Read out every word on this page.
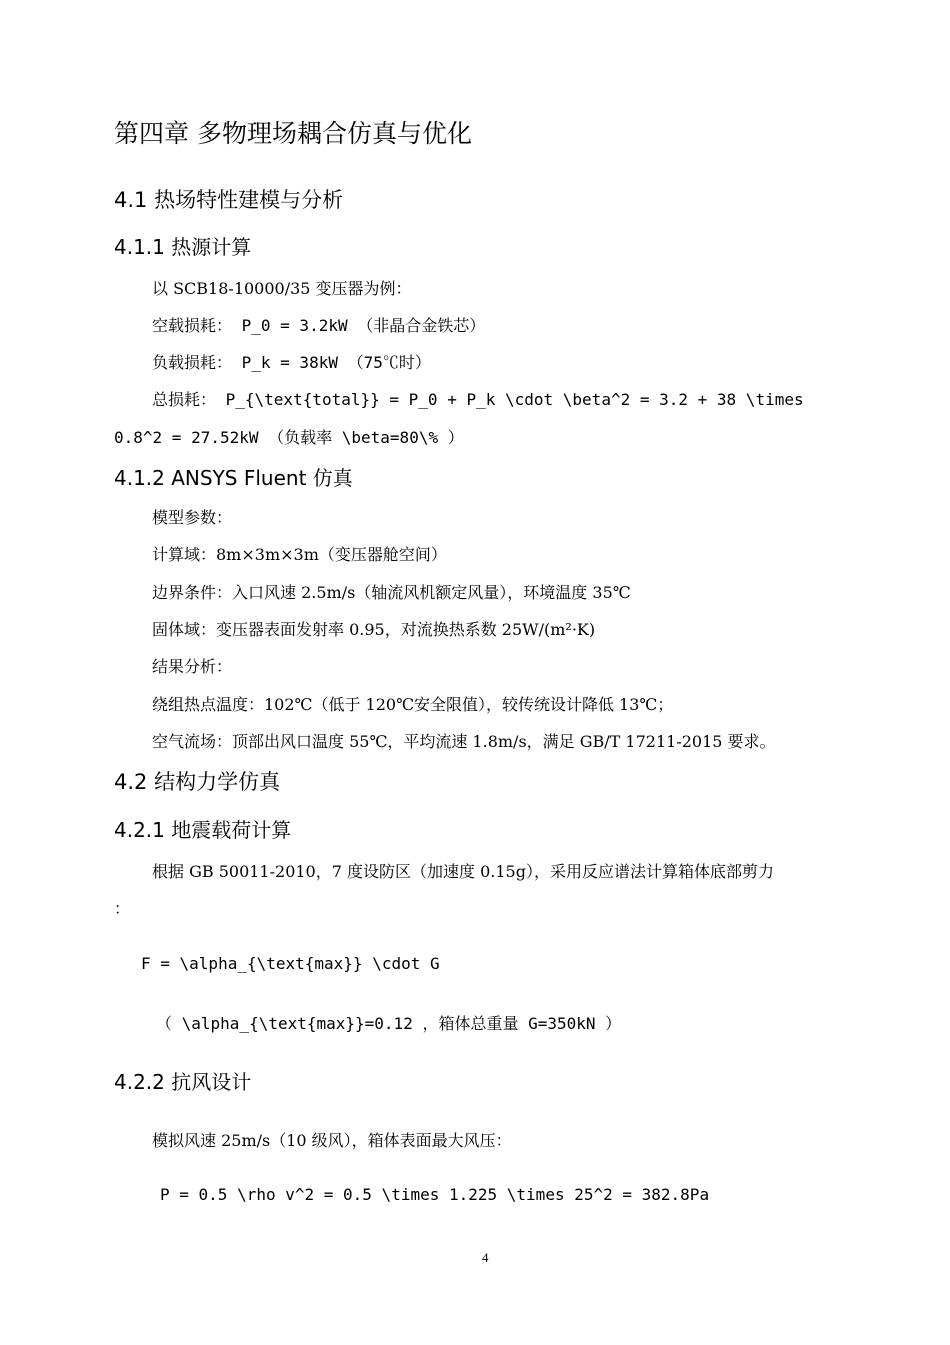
第四章 多物理场耦合仿真与优化
4.1 热场特性建模与分析
4.1.1 热源计算
以 SCB18-10000/35 变压器为例：
空载损耗： P_0 = 3.2kW （非晶合金铁芯）
负载损耗： P_k = 38kW （75℃时）
总损耗： P_{\text{total}} = P_0 + P_k \cdot \beta^2 = 3.2 + 38 \times
0.8^2 = 27.52kW （负载率 \beta=80\% ）
4.1.2 ANSYS Fluent 仿真
模型参数：
计算域：8m×3m×3m（变压器舱空间）
边界条件：入口风速 2.5m/s（轴流风机额定风量），环境温度 35℃
固体域：变压器表面发射率 0.95，对流换热系数 25W/(m²·K)
结果分析：
绕组热点温度：102℃（低于 120℃安全限值），较传统设计降低 13℃；
空气流场：顶部出风口温度 55℃，平均流速 1.8m/s，满足 GB/T 17211-2015 要求。
4.2 结构力学仿真
4.2.1 地震载荷计算
根据 GB 50011-2010，7 度设防区（加速度 0.15g），采用反应谱法计算箱体底部剪力
：
F = \alpha_{\text{max}} \cdot G
（ \alpha_{\text{max}}=0.12 ，箱体总重量 G=350kN ）
4.2.2 抗风设计
模拟风速 25m/s（10 级风），箱体表面最大风压：
P = 0.5 \rho v^2 = 0.5 \times 1.225 \times 25^2 = 382.8Pa
4
